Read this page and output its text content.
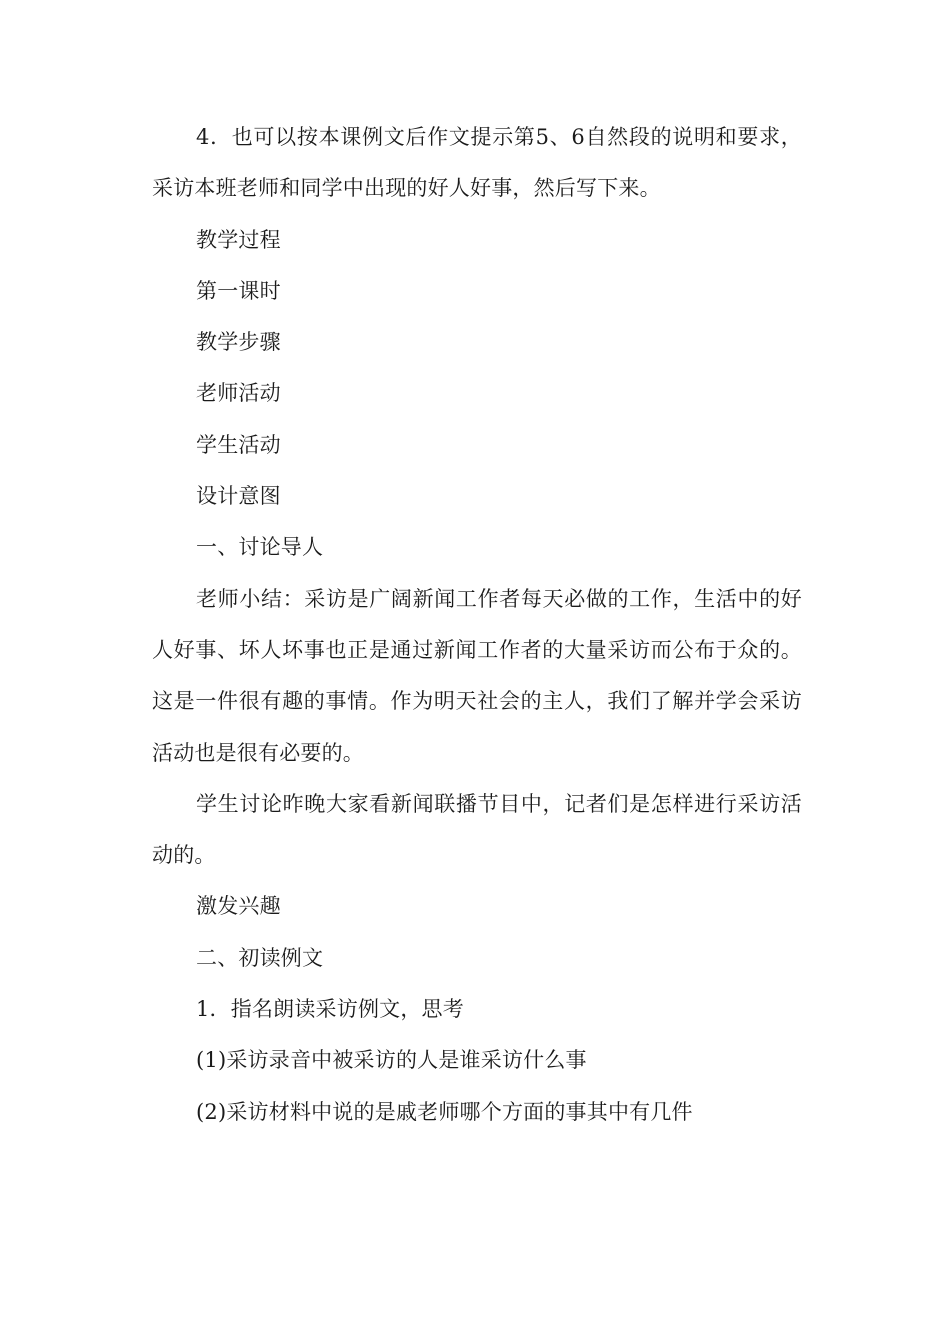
4．也可以按本课例文后作文提示第5、6自然段的说明和要求，采访本班老师和同学中出现的好人好事，然后写下来。

教学过程

第一课时

教学步骤

老师活动

学生活动

设计意图

一、讨论导人

老师小结：采访是广阔新闻工作者每天必做的工作，生活中的好人好事、坏人坏事也正是通过新闻工作者的大量采访而公布于众的。这是一件很有趣的事情。作为明天社会的主人，我们了解并学会采访活动也是很有必要的。

学生讨论昨晚大家看新闻联播节目中，记者们是怎样进行采访活动的。

激发兴趣

二、初读例文

1．指名朗读采访例文，思考

(1)采访录音中被采访的人是谁采访什么事

(2)采访材料中说的是戚老师哪个方面的事其中有几件
